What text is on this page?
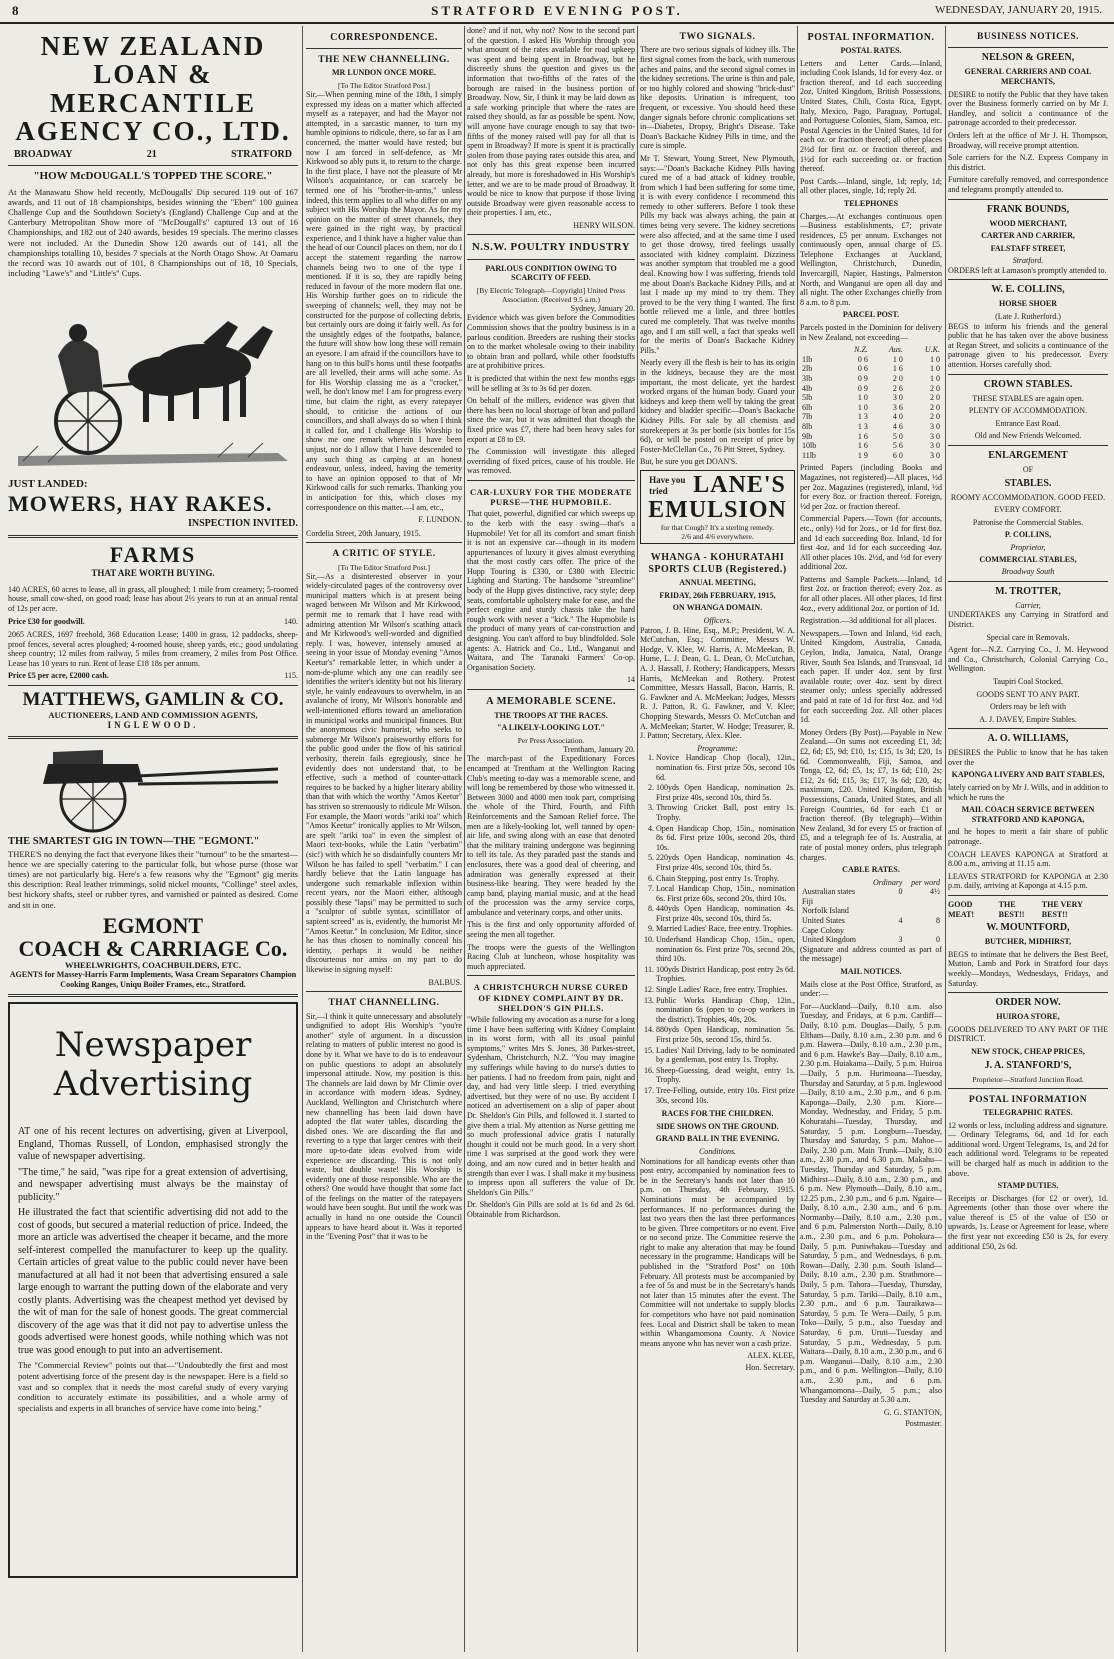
8	STRATFORD EVENING POST.	WEDNESDAY, JANUARY 20, 1915.
NEW ZEALAND
LOAN & MERCANTILE
AGENCY CO., LTD.
BROADWAY	21	STRATFORD
"HOW McDOUGALL'S TOPPED THE SCORE."

At the Manawatu Show held recently, McDougalls' Dip secured 119 out of 167 awards, and 11 out of 18 championships, besides winning the "Ebert" 100 guinea Challenge Cup and the Southdown Society's (England) Challenge Cup and at the Canterbury Metropolitan Show more of "McDougall's" captured 13 out of 16 Championships, and 182 out of 240 awards, besides 19 specials. The merino classes were not included. At the Dunedin Show 120 awards out of 141, all the championships totalling 10, besides 7 specials at the North Otago Show. At Oamaru the record was 10 awards out of 101, 8 Championships out of 18, 10 Specials, including "Lawe's" and "Little's" Cups.

JUST LANDED:
MOWERS, HAY RAKES.
INSPECTION INVITED.
FARMS
THAT ARE WORTH BUYING.

140 ACRES, 60 acres to lease, all in grass, all ploughed; 1 mile from creamery; 5-roomed house, small cow-shed, on good road; lease has about 2½ years to run at an annual rental of 12s per acre.

Price £30 for goodwill.	140.

2065 ACRES, 1697 freehold, 368 Education Lease; 1400 in grass, 12 paddocks, sheep-proof fences, several acres ploughed; 4-roomed house, sheep yards, etc.; good undulating sheep country; 12 miles from railway, 5 miles from creamery, 2 miles from Post Office. Lease has 10 years to run. Rent of lease £18 18s per annum.

Price £5 per acre, £2000 cash.	115.
MATTHEWS, GAMLIN & CO.
AUCTIONEERS, LAND AND COMMISSION AGENTS,
INGLEWOOD.
THE SMARTEST GIG IN TOWN—THE "EGMONT."

THERE'S no denying the fact that everyone likes their "turnout" to be the smartest—hence we are specially catering to the particular folk, but whose purse (those war times) are not particularly big. Here's a few reasons why the "Egmont" gig merits this description: Real leather trimmings, solid nickel mounts, "Collinge" steel axles, best hickory shafts, steel or rubber tyres, and varnished or painted as desired. Come and sit in one.

EGMONT
COACH & CARRIAGE Co.
WHEELWRIGHTS, COACHBUILDERS, ETC.
AGENTS for Massey-Harris Farm Implements, Wasa Cream Separators Champion Cooking Ranges, Uniqu Boiler Frames, etc., Stratford.
Newspaper
Advertising

AT one of his recent lectures on advertising, given at Liverpool, England, Thomas Russell, of London, emphasised strongly the value of newspaper advertising.

"The time," he said, "was ripe for a great extension of advertising, and newspaper advertising must always be the mainstay of publicity."

He illustrated the fact that scientific advertising did not add to the cost of goods, but secured a material reduction of price. Indeed, the more an article was advertised the cheaper it became, and the more self-interest compelled the manufacturer to keep up the quality. Certain articles of great value to the public could never have been manufactured at all had it not been that advertising ensured a sale large enough to warrant the putting down of the elaborate and very costly plants. Advertising was the cheapest method yet devised by the wit of man for the sale of honest goods. The great commercial discovery of the age was that it did not pay to advertise unless the goods advertised were honest goods, while nothing which was not true was good enough to put into an advertisement.

The "Commercial Review" points out that—"Undoubtedly the first and most potent advertising force of the present day is the newspaper. Here is a field so vast and so complex that it needs the most careful study of every varying condition to accurately estimate its possibilities, and a whole army of specialists and experts in all branches of service have come into being."

CORRESPONDENCE.
THE NEW CHANNELLING.
MR LUNDON ONCE MORE.
[To The Editor Stratford Post.]

Sir,—When penning mine of the 18th, I simply expressed my ideas on a matter which affected myself as a ratepayer, and had the Mayor not attempted, in a sarcastic manner, to turn my humble opinions to ridicule, there, so far as I am concerned, the matter would have rested; but now I am forced in self-defence, as Mr Kirkwood so ably puts it, to return to the charge. In the first place, I have not the pleasure of Mr Wilson's acquaintance, or can scarcely be termed one of his "brother-in-arms," unless indeed, this term applies to all who differ on any subject with His Worship the Mayor. As for my opinion on the matter of street channels, they were gained in the right way, by practical experience, and I think have a higher value than the head of our Council places on them, nor do I accept the statement regarding the narrow channels being two to one of the type I mentioned. If it is so, they are rapidly being reduced in favour of the more modern flat one. His Worship further goes on to ridicule the sweeping of channels; well, they may not be constructed for the purpose of collecting debris, but certainly ours are doing it fairly well. As for the unsightly edges of the footpaths, balance, the future will show how long these will remain an eyesore. I am afraid if the councillors have to hang on to this bull's horns until these footpaths are all levelled, their arms will ache some. As for His Worship classing me as a "crocker," well, he don't know me! I am for progress every time, but claim the right, as every ratepayer should, to criticise the actions of our councillors, and shall always do so when I think it called for, and I challenge His Worship to show me one remark wherein I have been unjust, nor do I allow that I have descended to any such thing as carping at an honest endeavour, unless, indeed, having the temerity to have an opinion opposed to that of Mr Kirkwood calls for such remarks. Thanking you in anticipation for this, which closes my correspondence on this matter.—I am, etc.,

F. LUNDON.
Cordelia Street, 20th January, 1915.
A CRITIC OF STYLE.
[To The Editor Stratford Post.]

Sir,—As a disinterested observer in your widely-circulated pages of the controversy over municipal matters which is at present being waged between Mr Wilson and Mr Kirkwood, permit me to remark that I have read with admiring attention Mr Wilson's scathing attack and Mr Kirkwood's well-worded and dignified reply. I was, however, intensely amused at seeing in your issue of Monday evening "Amos Keetur's" remarkable letter, in which under a nom-de-plume which any one can readily see identifies the writer's identity but not his literary style, he vainly endeavours to overwhelm, in an avalanche of irony, Mr Wilson's honorable and well-intentioned efforts toward an amelioration in municipal works and municipal finances. But the anonymous civic humorist, who seeks to submerge Mr Wilson's praiseworthy efforts for the public good under the flow of his satirical verbosity, therein fails egregiously, since he evidently does not understand that, to be effective, such a method of counter-attack requires to be backed by a higher literary ability than that with which the worthy "Amos Keetur" has striven so strenuously to ridicule Mr Wilson. For example, the Maori words "ariki toa" which "Amos Keetur" ironically applies to Mr Wilson, are spelt "ariki toa" in even the simplest of Maori text-books, while the Latin "verbatim" (sic!) with which he so disdainfully counters Mr Wilson he has failed to spell "verbatim." I can hardly believe that the Latin language has undergone such remarkable inflexion within recent years, nor the Maori either, although possibly these "lapsi" may be permitted to such a "sculptor of subtle syntax, scintillator of sapient screed" as is, evidently, the humorist Mr "Amos Keetur." In conclusion, Mr Editor, since he has thus chosen to nominally conceal his identity, perhaps it would be neither discourteous nor amiss on my part to do likewise in signing myself:

BALBUS.
THAT CHANNELLING.

Sir,—I think it quite unnecessary and absolutely undignified to adopt His Worship's "you're another" style of argument. In a discussion relating to matters of public interest no good is done by it. What we have to do is to endeavour on public questions to adopt an absolutely impersonal attitude. Now, my position is this. The channels are laid down by Mr Climie over in accordance with modern ideas. Sydney, Auckland, Wellington and Christchurch where new channelling has been laid down have adopted the flat water tables, discarding the dished ones. We are discarding the flat and reverting to a type that larger centres with their more up-to-date ideas evolved from wide experience are discarding. This is not only waste, but double waste! His Worship is evidently one of those responsible. Who are the others? One would have thought that some fact of the feelings on the matter of the ratepayers would have been sought. But until the work was actually in hand no one outside the Council appears to have heard about it. Was it reported in the "Evening Post" that it was to be

done? and if not, why not? Now to the second part of the question. I asked His Worship through you what amount of the rates available for road upkeep was spent and being spent in Broadway, but he discreetly shuns the question and gives us the information that two-fifths of the rates of the borough are raised in the business portion of Broadway. Now, Sir, I think it may be laid down as a safe working principle that where the rates are raised they should, as far as possible be spent. Now, will anyone have courage enough to say that two-fifths of the money raised will pay for all that is spent in Broadway? If more is spent it is practically stolen from those paying rates outside this area, and not only has this great expense been incurred already, but more is foreshadowed in His Worship's letter, and we are to be made proud of Broadway. It would be nice to know that purpose if those living outside Broadway were given reasonable access to their properties. I am, etc.,

HENRY WILSON.
N.S.W. POULTRY INDUSTRY
PARLOUS CONDITION OWING TO SCARCITY OF FEED.
[By Electric Telegraph—Copyright] United Press Association. (Received 9.5 a.m.)
Sydney, January 20.

Evidence which was given before the Commodities Commission shows that the poultry business is in a parlous condition. Breeders are rushing their stocks on to the market wholesale owing to their inability to obtain bran and pollard, while other foodstuffs are at prohibitive prices.

It is predicted that within the next few months eggs will be selling at 3s to 3s 6d per dozen.

On behalf of the millers, evidence was given that there has been no local shortage of bran and pollard since the war, but it was admitted that though the fixed price was £7, there had been heavy sales for export at £8 to £9.

The Commission will investigate this alleged overriding of fixed prices, cause of his trouble. He was removed.

CAR-LUXURY FOR THE MODERATE PURSE—THE HUPMOBILE.

That quiet, powerful, dignified car which sweeps up to the kerb with the easy swing—that's a Hupmobile! Yet for all its comfort and smart finish it is not an expensive car—though in its modern appurtenances of luxury it gives almost everything that the most costly cars offer. The price of the Hupp Touring is £330, or £380 with Electric Lighting and Starting. The handsome "streamline" body of the Hupp gives distinctive, racy style; deep seats, comfortable upholstery make for ease, and the perfect engine and sturdy chassis take the hard rough work with never a "kick." The Hupmobile is the product of many years of car-construction and designing. You can't afford to buy blindfolded. Sole agents: A. Hatrick and Co., Ltd., Wanganui and Waitara, and The Taranaki Farmers' Co-op. Organisation Society.

14
A MEMORABLE SCENE.
THE TROOPS AT THE RACES.
"A LIKELY-LOOKING LOT."
Per Press Association.
Trentham, January 20.

The march-past of the Expeditionary Forces encamped at Trentham at the Wellington Racing Club's meeting to-day was a memorable scene, and will long be remembered by those who witnessed it. Between 3000 and 4000 men took part, comprising the whole of the Third, Fourth, and Fifth Reinforcements and the Samoan Relief force. The men are a likely-looking lot, well tanned by open-air life, and swing along with an ease that denoted that the military training undergone was beginning to tell its tale. As they paraded past the stands and enclosures, there was a good deal of cheering, and admiration was generally expressed at their business-like bearing. They were headed by the camp band, playing martial music, and at the head of the procession was the army service corps, ambulance and veterinary corps, and other units.

This is the first and only opportunity afforded of seeing the men all together.

The troops were the guests of the Wellington Racing Club at luncheon, whose hospitality was much appreciated.

A CHRISTCHURCH NURSE CURED OF KIDNEY COMPLAINT BY DR. SHELDON'S GIN PILLS.

"While following my avocation as a nurse for a long time I have been suffering with Kidney Complaint in its worst form, with all its usual painful symptoms," writes Mrs S. Jones, 38 Parkes-street, Sydenham, Christchurch, N.Z. "You may imagine my sufferings while having to do nurse's duties to her patients. I had no freedom from pain, night and day, and had very little sleep. I tried everything advertised, but they were of no use. By accident I noticed an advertisement on a slip of paper about Dr. Sheldon's Gin Pills, and followed it. I started to give them a trial. My attention as Nurse gettting me so much professional advice gratis I naturally thought it could not be much good. In a very short time I was surprised at the good work they were doing, and am now cured and in better health and strength than ever I was. I shall make it my business to impress upon all sufferers the value of Dr. Sheldon's Gin Pills."

Dr. Sheldon's Gin Pills are sold at 1s 6d and 2s 6d. Obtainable from Richardson.

TWO SIGNALS.

There are two serious signals of kidney ills. The first signal comes from the back, with numerous aches and pains, and the second signal comes in the kidney secretions. The urine is thin and pale, or too highly colored and showing "brick-dust" like deposits. Urination is infrequent, too frequent, or excessive. You should heed these danger signals before chronic complications set in—Diabetes, Dropsy, Bright's Disease. Take Doan's Backache Kidney Pills in time, and the cure is simple.

Mr T. Stewart, Young Street, New Plymouth, says:—"Doan's Backache Kidney Pills having cured me of a bad attack of kidney trouble, from which I had been suffering for some time, it is with every confidence I recommend this remedy to other sufferers. Before I took these Pills my back was always aching, the pain at times being very severe. The kidney secretions were also affected, and at the same time I used to get those drowsy, tired feelings usually associated with kidney complaint. Dizziness was another symptom that troubled me a good deal. Knowing how I was suffering, friends told me about Doan's Backache Kidney Pills, and at last I made up my mind to try them. They proved to be the very thing I wanted. The first bottle relieved me a little, and three bottles cured me completely. That was twelve months ago, and I am still well, a fact that speaks well for the merits of Doan's Backache Kidney Pills."

Nearly every ill the flesh is heir to has its origin in the kidneys, because they are the most important, the most delicate, yet the hardest worked organs of the human body. Guard your kidneys and keep them well by taking the great kidney and bladder specific—Doan's Backache Kidney Pills. For sale by all chemists and storekeepers at 3s per bottle (six bottles for 15s 6d), or will be posted on receipt of price by Foster-McClellan Co., 76 Pitt Street, Sydney.

But, be sure you get DOAN'S.

Have you tried	LANE'S
EMULSION
for that Cough? It's a sterling remedy.
2/6 and 4/6 everywhere.
WHANGA - KOHURATAHI SPORTS CLUB (Registered.)
ANNUAL MEETING,
FRIDAY, 26th FEBRUARY, 1915,
ON WHANGA DOMAIN.
Officers.

Patron, J. B. Hine, Esq., M.P.; President, W. A. McCutchan, Esq.; Committee, Messrs W. Hodge, V. Klee, W. Harris, A. McMeekan, B. Hume, L. J. Dean, G. L. Dean, O. McCutchan, A. J. Hassall, J. Rothery; Handicappers, Messrs Harris, McMeekan and Rothery. Protest Committee, Messrs Hassall, Bacon, Harris, R. G. Fawkner and A. McMeekan; Judges, Messrs R. J. Patton, R. G. Fawkner, and V. Klee; Chopping Stewards, Messrs O. McCutchan and A. McMeekan; Starter, W. Hodge; Treasurer, R. J. Patton; Secretary, Alex. Klee.

Programme:
1. Novice Handicap Chop (local), 12in., nomination 6s. First prize 50s, second 10s 6d.
2. 100yds Open Handicap, nomination 2s. First prize 40s, second 10s, third 5s.
3. Throwing Cricket Ball, post entry 1s. Trophy.
4. Open Handicap Chop, 15in., nomination 8s 6d. First prize 100s, second 20s, third 10s.
5. 220yds Open Handicap, nomination 4s. First prize 40s, second 10s, third 5s.
6. Chain Stepping, post entry 1s. Trophy.
7. Local Handicap Chop, 15in., nomination 6s. First prize 60s, second 20s, third 10s.
8. 440yds Open Handicap, nomination 4s. First prize 40s, second 10s, third 5s.
9. Married Ladies' Race, free entry. Trophies.
10. Underhand Handicap Chop, 15in., open, nomination 6s. First prize 70s, second 20s, third 10s.
11. 100yds District Handicap, post entry 2s 6d. Trophies.
12. Single Ladies' Race, free entry. Trophies.
13. Public Works Handicap Chop, 12in., nomination 6s (open to co-op workers in the district). Trophies, 40s, 20s.
14. 880yds Open Handicap, nomination 5s. First prize 50s, second 15s, third 5s.
15. Ladies' Nail Driving, lady to be nominated by a gentleman, post entry 1s. Trophy.
16. Sheep-Guessing, dead weight, entry 1s. Trophy.
17. Tree-Felling, outside, entry 10s. First prize 30s, second 10s.
RACES FOR THE CHILDREN.
SIDE SHOWS ON THE GROUND.
GRAND BALL IN THE EVENING.
Conditions.

Nominations for all handicap events other than post entry, accompanied by nomination fees to be in the Secretary's hands not later than 10 p.m. on Thursday, 4th February, 1915. Nominations must be accompanied by performances. If no performances during the last two years then the last three performances to be given. Three competitors or no event. Five or no second prize. The Committee reserve the right to make any alteration that may be found necessary in the programme. Handicaps will be published in the "Stratford Post" on 10th February. All protests must be accompanied by a fee of 5s and must be in the Secretary's hands not later than 15 minutes after the event. The Committee will not undertake to supply blocks for competitors who have not paid nomination fees. Local and District shall be taken to mean within Whangamomona County. A Novice means anyone who has never won a cash prize.

ALEX. KLEE,
Hon. Secretary.
POSTAL INFORMATION.
POSTAL RATES.

Letters and Letter Cards.—Inland, including Cook Islands, 1d for every 4oz. or fraction thereof, and 1d each succeeding 2oz. United Kingdom, British Possessions, United States, Chili, Costa Rica, Egypt, Italy, Mexico, Pago, Paraguay, Portugal, and Portuguese Colonies, Siam, Samoa, etc. Postal Agencies in the United States, 1d for each oz. or fraction thereof; all other places 2½d for first oz. or fraction thereof, and 1½d for each succeeding oz. or fraction thereof.

Post Cards.—Inland, single, 1d; reply, 1d; all other places, single, 1d; reply 2d.

TELEPHONES

Charges.—At exchanges continuous open—Business establishments, £7; private residences, £5 per annum. Exchanges not continuously open, annual charge of £5. Telephone Exchanges at Auckland, Wellington, Christchurch, Dunedin, Invercargill, Napier, Hastings, Palmerston North, and Wanganui are open all day and all night. The other Exchanges chiefly from 8 a.m. to 8 p.m.

PARCEL POST.

Parcels posted in the Dominion for delivery in New Zealand, not exceeding—

	N.Z.	Aus.	U.K.
1lb	0 6	1 0	1 0
2lb	0 6	1 6	1 0
3lb	0 9	2 0	1 0
4lb	0 9	2 6	2 0
5lb	1 0	3 0	2 0
6lb	1 0	3 6	2 0
7lb	1 3	4 0	2 0
8lb	1 3	4 6	3 0
9lb	1 6	5 0	3 0
10lb	1 6	5 6	3 0
11lb	1 9	6 0	3 0

Printed Papers (including Books and Magazines, not registered)—All places, ½d per 2oz. Magazines (registered), inland, ½d for every 8oz. or fraction thereof. Foreign, ½d per 2oz. or fraction thereof.

Commercial Papers.—Town (for accounts, etc., only) ½d for 2ozs., or 1d for first 8oz. and 1d each succeeding 8oz. Inland, 1d for first 4oz. and 1d for each succeeding 4oz. All other places 10s. 2½d, and ½d for every additional 2oz.

Patterns and Sample Packets.—Inland, 1d first 2oz. or fraction thereof; every 2oz. as for all other places. All other places, 1d first 4oz., every additional 2oz. or portion of 1d.

Registration.—3d additional for all places.

Newspapers.—Town and Inland, ½d each, United Kingdom, Australia, Canada, Ceylon, India, Jamaica, Natal, Orange River, South Sea Islands, and Transvaal, 1d each paper. If under 4oz. sent by first available route; over 4oz. sent by direct steamer only; unless specially addressed and paid at rate of 1d for first 4oz. and ½d for each succeeding 2oz. All other places 1d.

Money Orders (By Post).—Payable in New Zealand.—On sums not exceeding £1, 3d; £2, 6d; £5, 9d; £10, 1s; £15, 1s 3d; £20, 1s 6d. Commonwealth, Fiji, Samoa, and Tonga, £2, 6d; £5, 1s; £7, 1s 6d; £10, 2s; £12, 2s 6d; £15, 3s; £17, 3s 6d; £20, 4s; maximum, £20. United Kingdom, British Possessions, Canada, United States, and all Foreign Countries, 6d for each £1 or fraction thereof. (By telegraph)—Within New Zealand, 3d for every £5 or fraction of £5, and a telegraph fee of 1s. Australia, at rate of postal money orders, plus telegraph charges.

CABLE RATES.
	Ordinary	per word
Australian states	0	4½
Fiji		
Norfolk Island		
United States	4	8
Cape Colony		
United Kingdom	3	0

(Signature and address counted as part of the message)

MAIL NOTICES.

Mails close at the Post Office, Stratford, as under:—

For—Auckland—Daily, 8.10 a.m. also Tuesday, and Fridays, at 6 p.m. Cardiff—Daily, 8.10 p.m. Douglas—Daily, 5 p.m. Eltham—Daily, 8.10 a.m., 2.30 p.m. and 6 p.m. Hawera—Daily, 8.10 a.m., 2.30 p.m., and 6 p.m. Hawke's Bay—Daily, 8.10 a.m., 2.30 p.m. Huiakama—Daily, 5 p.m. Huiroa—Daily, 5 p.m. Hurimoana—Tuesday, Thursday and Saturday, at 5 p.m. Inglewood—Daily, 8.10 a.m., 2.30 p.m., and 6 p.m. Kaponga—Daily, 2.30 p.m. Kiore—Monday, Wednesday, and Friday, 5 p.m. Kohuratahi—Tuesday, Thursday, and Saturday, 5 p.m. Longburn—Tuesday, Thursday and Saturday, 5 p.m. Mahoe—Daily, 2.30 p.m. Main Trunk—Daily, 8.10 a.m., 2.30 p.m., and 6.30 p.m. Makahu—Tuesday, Thursday and Saturday, 5 p.m. Midhirst—Daily, 8.10 a.m., 2.30 p.m., and 6 p.m. New Plymouth—Daily, 8.10 a.m., 12.25 p.m., 2.30 p.m., and 6 p.m. Ngaire—Daily, 8.10 a.m., 2.30 a.m., and 6 p.m. Normanby—Daily, 8.10 a.m., 2.30 p.m., and 6 p.m. Palmerston North—Daily, 8.10 a.m., 2.30 p.m., and 6 p.m. Pohokura—Daily, 5 p.m. Puniwhakau—Tuesday and Saturday, 5 p.m., and Wednesdays, 6 p.m. Rowan—Daily, 2.30 p.m. South Island—Daily, 8.10 a.m., 2.30 p.m. Strathmore—Daily, 5 p.m. Tahora—Tuesday, Thursday, Saturday, 5 p.m. Tariki—Daily, 8.10 a.m., 2.30 p.m., and 6 p.m. Tauraikawa—Saturday, 5 p.m. Te Wera—Daily, 5 p.m. Toko—Daily, 5 p.m., also Tuesday and Saturday, 6 p.m. Uruti—Tuesday and Saturday, 5 p.m., Wednesday, 5 p.m. Waitara—Daily, 8.10 a.m., 2.30 p.m., and 6 p.m. Wanganui—Daily, 8.10 a.m., 2.30 p.m., and 6 p.m. Wellington—Daily, 8.10 a.m., 2.30 p.m., and 6 p.m. Whangamomona—Daily, 5 p.m.; also Tuesday and Saturday at 5.30 a.m.

G. G. STANTON,
Postmaster.
BUSINESS NOTICES.
NELSON & GREEN,
GENERAL CARRIERS AND COAL MERCHANTS,

DESIRE to notify the Public that they have taken over the Business formerly carried on by Mr J. Handley, and solicit a continuance of the patronage accorded to their predecessor.

Orders left at the office of Mr J. H. Thompson, Broadway, will receive prompt attention.

Sole carriers for the N.Z. Express Company in this district.

Furniture carefully removed, and correspondence and telegrams promptly attended to.

FRANK BOUNDS,
WOOD MERCHANT,
CARTER AND CARRIER,
FALSTAFF STREET,
Stratford.

ORDERS left at Lamason's promptly attended to.

W. E. COLLINS,
HORSE SHOER
(Late J. Rutherford.)

BEGS to inform his friends and the general public that he has taken over the above business at Regan Street, and solicits a continuance of the patronage given to his predecessor. Every attention. Horses carefully shod.

CROWN STABLES.

THESE STABLES are again open.

PLENTY OF ACCOMMODATION.

Entrance East Road.

Old and New Friends Welcomed.

ENLARGEMENT
OF
STABLES.

ROOMY ACCOMMODATION. GOOD FEED.

EVERY COMFORT.

Patronise the Commercial Stables.

P. COLLINS,
Proprietor,
COMMERCIAL STABLES,
Broadway South
M. TROTTER,
Carrier,

UNDERTAKES any Carrying in Stratford and District.

Special care in Removals.

Agent for—N.Z. Carrying Co., J. M. Heywood and Co., Christchurch, Colonial Carrying Co., Wellington.

Taupiri Coal Stocked.

GOODS SENT TO ANY PART.

Orders may be left with

A. J. DAVEY, Empire Stables.

A. O. WILLIAMS,

DESIRES the Public to know that he has taken over the

KAPONGA LIVERY AND BAIT STABLES,

lately carried on by Mr J. Wills, and in addition to which he runs the

MAIL COACH SERVICE BETWEEN STRATFORD AND KAPONGA,

and he hopes to merit a fair share of public patronage.

COACH LEAVES KAPONGA at Stratford at 8.00 a.m., arriving at 11.15 a.m.

LEAVES STRATFORD for KAPONGA at 2.30 p.m. daily, arriving at Kaponga at 4.15 p.m.

GOOD MEAT!
THE BEST!!
THE VERY BEST!!
W. MOUNTFORD,
BUTCHER, MIDHIRST,

BEGS to intimate that he delivers the Best Beef, Mutton, Lamb and Pork in Stratford four days weekly—Mondays, Wednesdays, Fridays, and Saturday.

ORDER NOW.
HUIROA STORE,

GOODS DELIVERED TO ANY PART OF THE DISTRICT.

NEW STOCK, CHEAP PRICES,
J. A. STANFORD'S,
Proprietor—Stratford Junction Road.
POSTAL INFORMATION
TELEGRAPHIC RATES.

12 words or less, including address and signature.— Ordinary Telegrams, 6d, and 1d for each additional word. Urgent Telegrams, 1s, and 2d for each additional word. Telegrams to be repeated will be charged half as much in addition to the above.

STAMP DUTIES.

Receipts or Discharges (for £2 or over), 1d. Agreements (other than those over where the value thereof is £5 of the value of £50 or upwards, 1s. Lease or Agreement for lease, where the first year not exceeding £50 is 2s, for every additional £50, 2s 6d.
